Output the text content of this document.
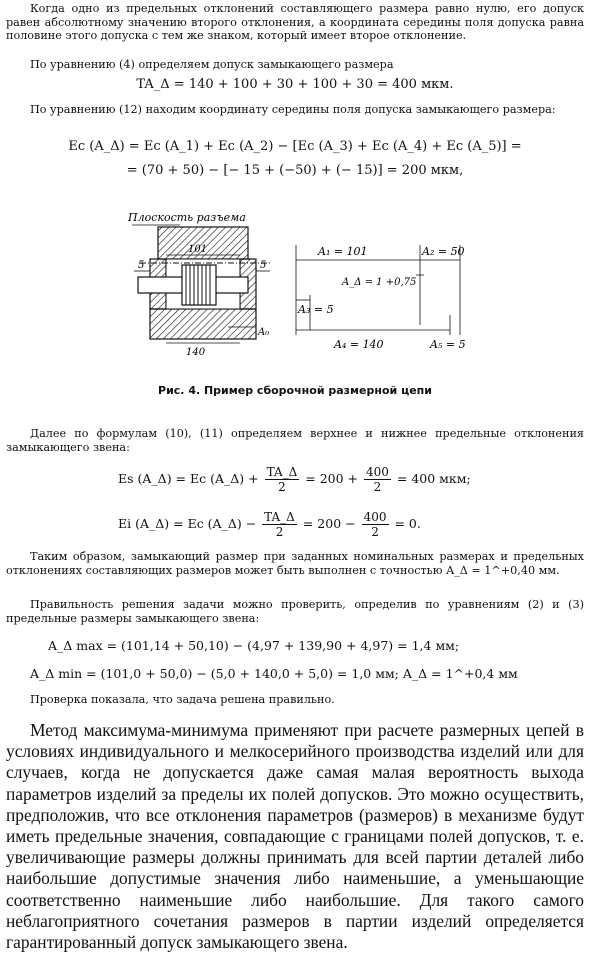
Когда одно из предельных отклонений составляющего размера равно нулю, его допуск равен абсолютному значению второго отклонения, а координата середины поля допуска равна половине этого допуска с тем же знаком, который имеет второе отклонение.

По уравнению (4) определяем допуск замыкающего размера

TA_Δ = 140 + 100 + 30 + 100 + 30 = 400 мкм.

По уравнению (12) находим координату середины поля допуска замыкающего размера:

Ec (A_Δ) = Ec (A_1) + Ec (A_2) − [Ec (A_3) + Ec (A_4) + Ec (A_5)] =
= (70 + 50) − [− 15 + (−50) + (− 15)] = 200 мкм,
Плоскость разъема
101
5	5
140
A₀
A₁ = 101	A₂ = 50
A_Δ = 1 +0,75
A₃ = 5
A₄ = 140	A₅ = 5
Рис. 4. Пример сборочной размерной цепи

Далее по формулам (10), (11) определяем верхнее и нижнее предельные отклонения замыкающего звена:

Es (A_Δ) = Ec (A_Δ) + $\frac{TA\_\Delta}{2} = 200 + \frac{400}{2} = 400$ мкм;
Ei (A_Δ) = Ec (A_Δ) − $\frac{TA\_\Delta}{2} = 200 - \frac{400}{2} = 0$.

Таким образом, замыкающий размер при заданных номинальных размерах и предельных отклонениях составляющих размеров может быть выполнен с точностью A_Δ = 1^+0,40 мм.

Правильность решения задачи можно проверить, определив по уравнениям (2) и (3) предельные размеры замыкающего звена:

A_Δ max = (101,14 + 50,10) − (4,97 + 139,90 + 4,97) = 1,4 мм;
A_Δ min = (101,0 + 50,0) − (5,0 + 140,0 + 5,0) = 1,0 мм; A_Δ = 1^+0,4 мм

Проверка показала, что задача решена правильно.

Метод максимума-минимума применяют при расчете размерных цепей в условиях индивидуального и мелкосерийного производства изделий или для случаев, когда не допускается даже самая малая вероятность выхода параметров изделий за пределы их полей допусков. Это можно осуществить, предположив, что все отклонения параметров (размеров) в механизме будут иметь предельные значения, совпадающие с границами полей допусков, т. е. увеличивающие размеры должны принимать для всей партии деталей либо наибольшие допустимые значения либо наименьшие, а уменьшающие соответственно наименьшие либо наибольшие. Для такого самого неблагоприятного сочетания размеров в партии изделий определяется гарантированный допуск замыкающего звена.
